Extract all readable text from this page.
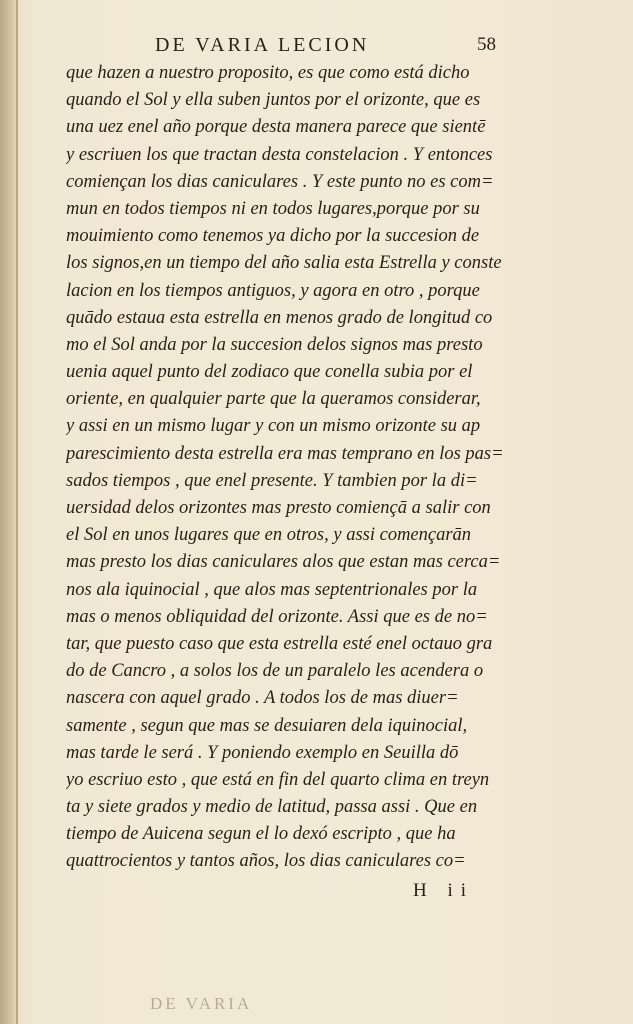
DE VARIA LECION	58
que hazen a nuestro proposito, es que como está dicho
quando el Sol y ella suben juntos por el orizonte, que es
una uez enel año porque desta manera parece que sientē
y escriuen los que tractan desta constelacion . Y entonces
comiençan los dias caniculares . Y este punto no es com=
mun en todos tiempos ni en todos lugares,porque por su
mouimiento como tenemos ya dicho por la succesion de
los signos,en un tiempo del año salia esta Estrella y conste
lacion en los tiempos antiguos, y agora en otro , porque
quādo estaua esta estrella en menos grado de longitud co
mo el Sol anda por la succesion delos signos mas presto
uenia aquel punto del zodiaco que conella subia por el
oriente, en qualquier parte que la queramos considerar,
y assi en un mismo lugar y con un mismo orizonte su ap
parescimiento desta estrella era mas temprano en los pas=
sados tiempos , que enel presente. Y tambien por la di=
uersidad delos orizontes mas presto comiençā a salir con
el Sol en unos lugares que en otros, y assi començarān
mas presto los dias caniculares alos que estan mas cerca=
nos ala iquinocial , que alos mas septentrionales por la
mas o menos obliquidad del orizonte. Assi que es de no=
tar, que puesto caso que esta estrella esté enel octauo gra
do de Cancro , a solos los de un paralelo les acendera o
nascera con aquel grado . A todos los de mas diuer=
samente , segun que mas se desuiaren dela iquinocial,
mas tarde le será . Y poniendo exemplo en Seuilla dō
yo escriuo esto , que está en fin del quarto clima en treyn
ta y siete grados y medio de latitud, passa assi . Que en
tiempo de Auicena segun el lo dexó escripto , que ha
quattrocientos y tantos años, los dias caniculares co=
H ii
DE VARIA
